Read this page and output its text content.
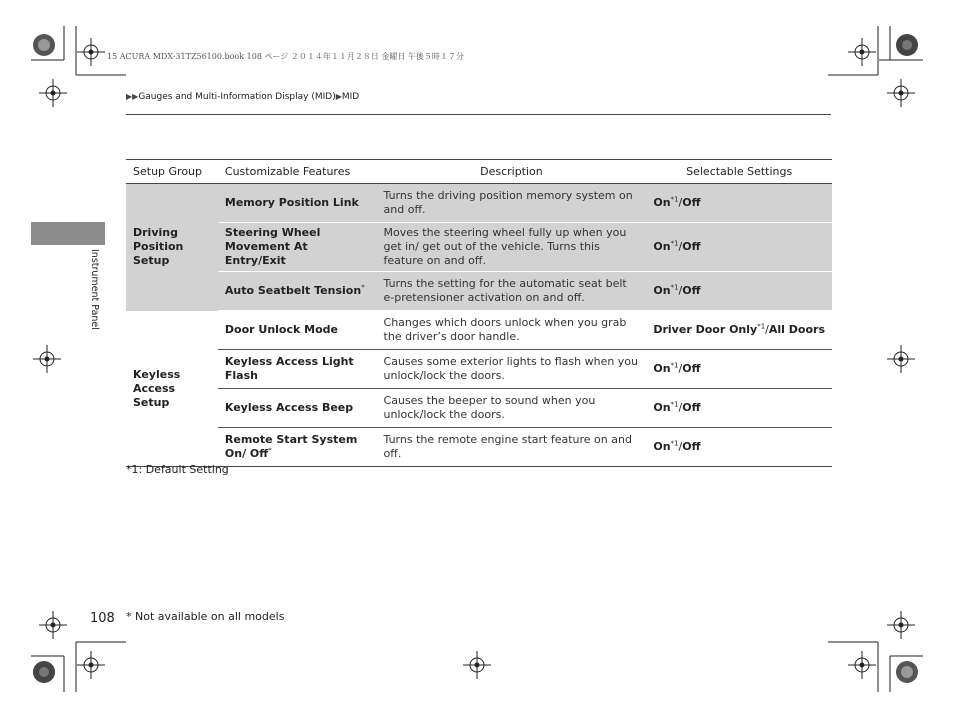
15 ACURA MDX-31TZ56100.book 108 ページ ２０１４年１１月２８日 金曜日 午後５時１７分
▶▶Gauges and Multi-Information Display (MID)▶MID
Instrument Panel
Setup Group	Customizable Features	Description	Selectable Settings
Driving Position Setup	Memory Position Link	Turns the driving position memory system on and off.	On$^{*1}$/Off
	Steering Wheel Movement At Entry/Exit	Moves the steering wheel fully up when you get in/ get out of the vehicle. Turns this feature on and off.	On$^{*1}$/Off
	Auto Seatbelt Tension*	Turns the setting for the automatic seat belt e-pretensioner activation on and off.	On$^{*1}$/Off
Keyless Access Setup	Door Unlock Mode	Changes which doors unlock when you grab the driver’s door handle.	Driver Door Only$^{*1}$/All Doors
	Keyless Access Light Flash	Causes some exterior lights to flash when you unlock/lock the doors.	On$^{*1}$/Off
	Keyless Access Beep	Causes the beeper to sound when you unlock/lock the doors.	On$^{*1}$/Off
	Remote Start System On/ Off*	Turns the remote engine start feature on and off.	On$^{*1}$/Off
*1: Default Setting
108 * Not available on all models
